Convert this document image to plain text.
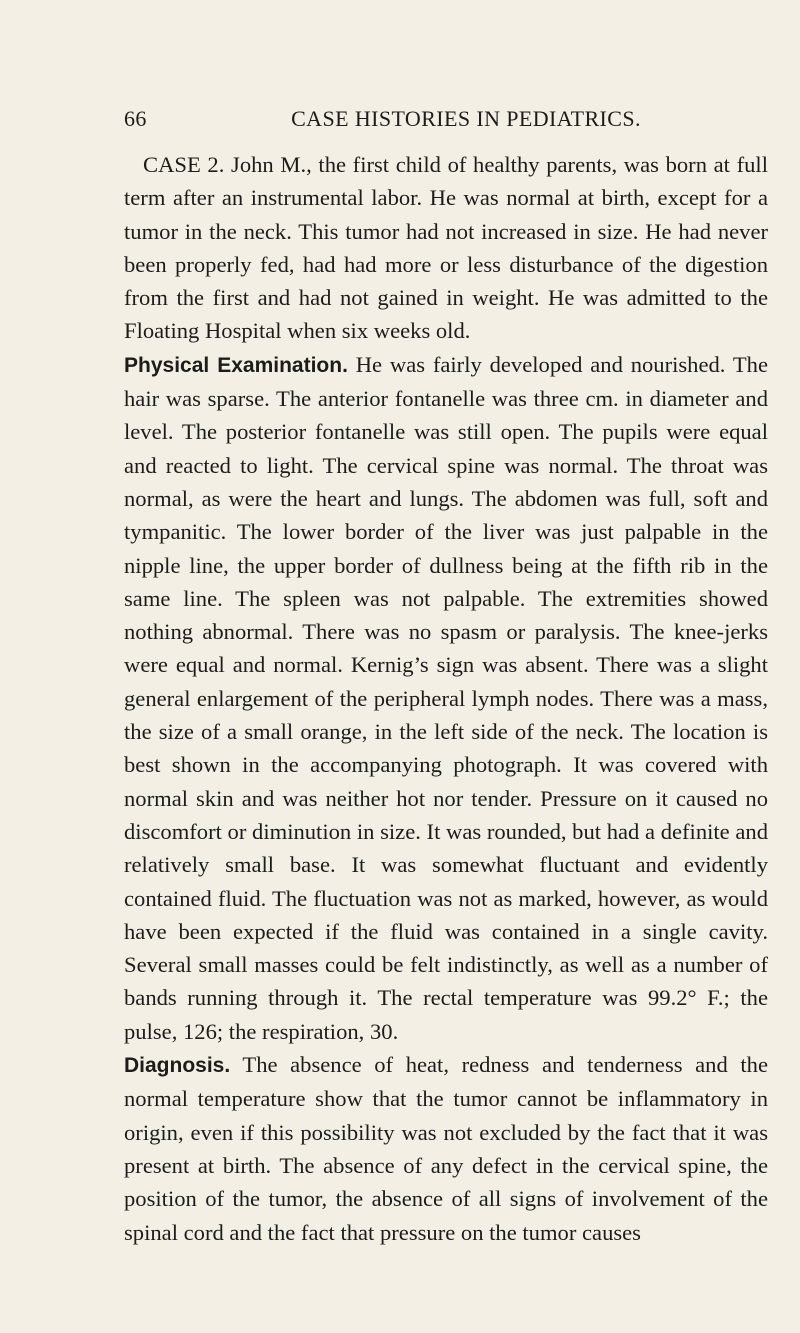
66	CASE HISTORIES IN PEDIATRICS.

CASE 2. John M., the first child of healthy parents, was born at full term after an instrumental labor. He was normal at birth, except for a tumor in the neck. This tumor had not increased in size. He had never been properly fed, had had more or less disturbance of the digestion from the first and had not gained in weight. He was admitted to the Floating Hospital when six weeks old.

Physical Examination. He was fairly developed and nourished. The hair was sparse. The anterior fontanelle was three cm. in diameter and level. The posterior fontanelle was still open. The pupils were equal and reacted to light. The cervical spine was normal. The throat was normal, as were the heart and lungs. The abdomen was full, soft and tympanitic. The lower border of the liver was just palpable in the nipple line, the upper border of dullness being at the fifth rib in the same line. The spleen was not palpable. The extremities showed nothing abnormal. There was no spasm or paralysis. The knee-jerks were equal and normal. Kernig’s sign was absent. There was a slight general enlargement of the peripheral lymph nodes. There was a mass, the size of a small orange, in the left side of the neck. The location is best shown in the accompanying photograph. It was covered with normal skin and was neither hot nor tender. Pressure on it caused no discomfort or diminution in size. It was rounded, but had a definite and relatively small base. It was somewhat fluctuant and evidently contained fluid. The fluctuation was not as marked, however, as would have been expected if the fluid was contained in a single cavity. Several small masses could be felt indistinctly, as well as a number of bands running through it. The rectal temperature was 99.2° F.; the pulse, 126; the respiration, 30.

Diagnosis. The absence of heat, redness and tenderness and the normal temperature show that the tumor cannot be inflammatory in origin, even if this possibility was not excluded by the fact that it was present at birth. The absence of any defect in the cervical spine, the position of the tumor, the absence of all signs of involvement of the spinal cord and the fact that pressure on the tumor causes
